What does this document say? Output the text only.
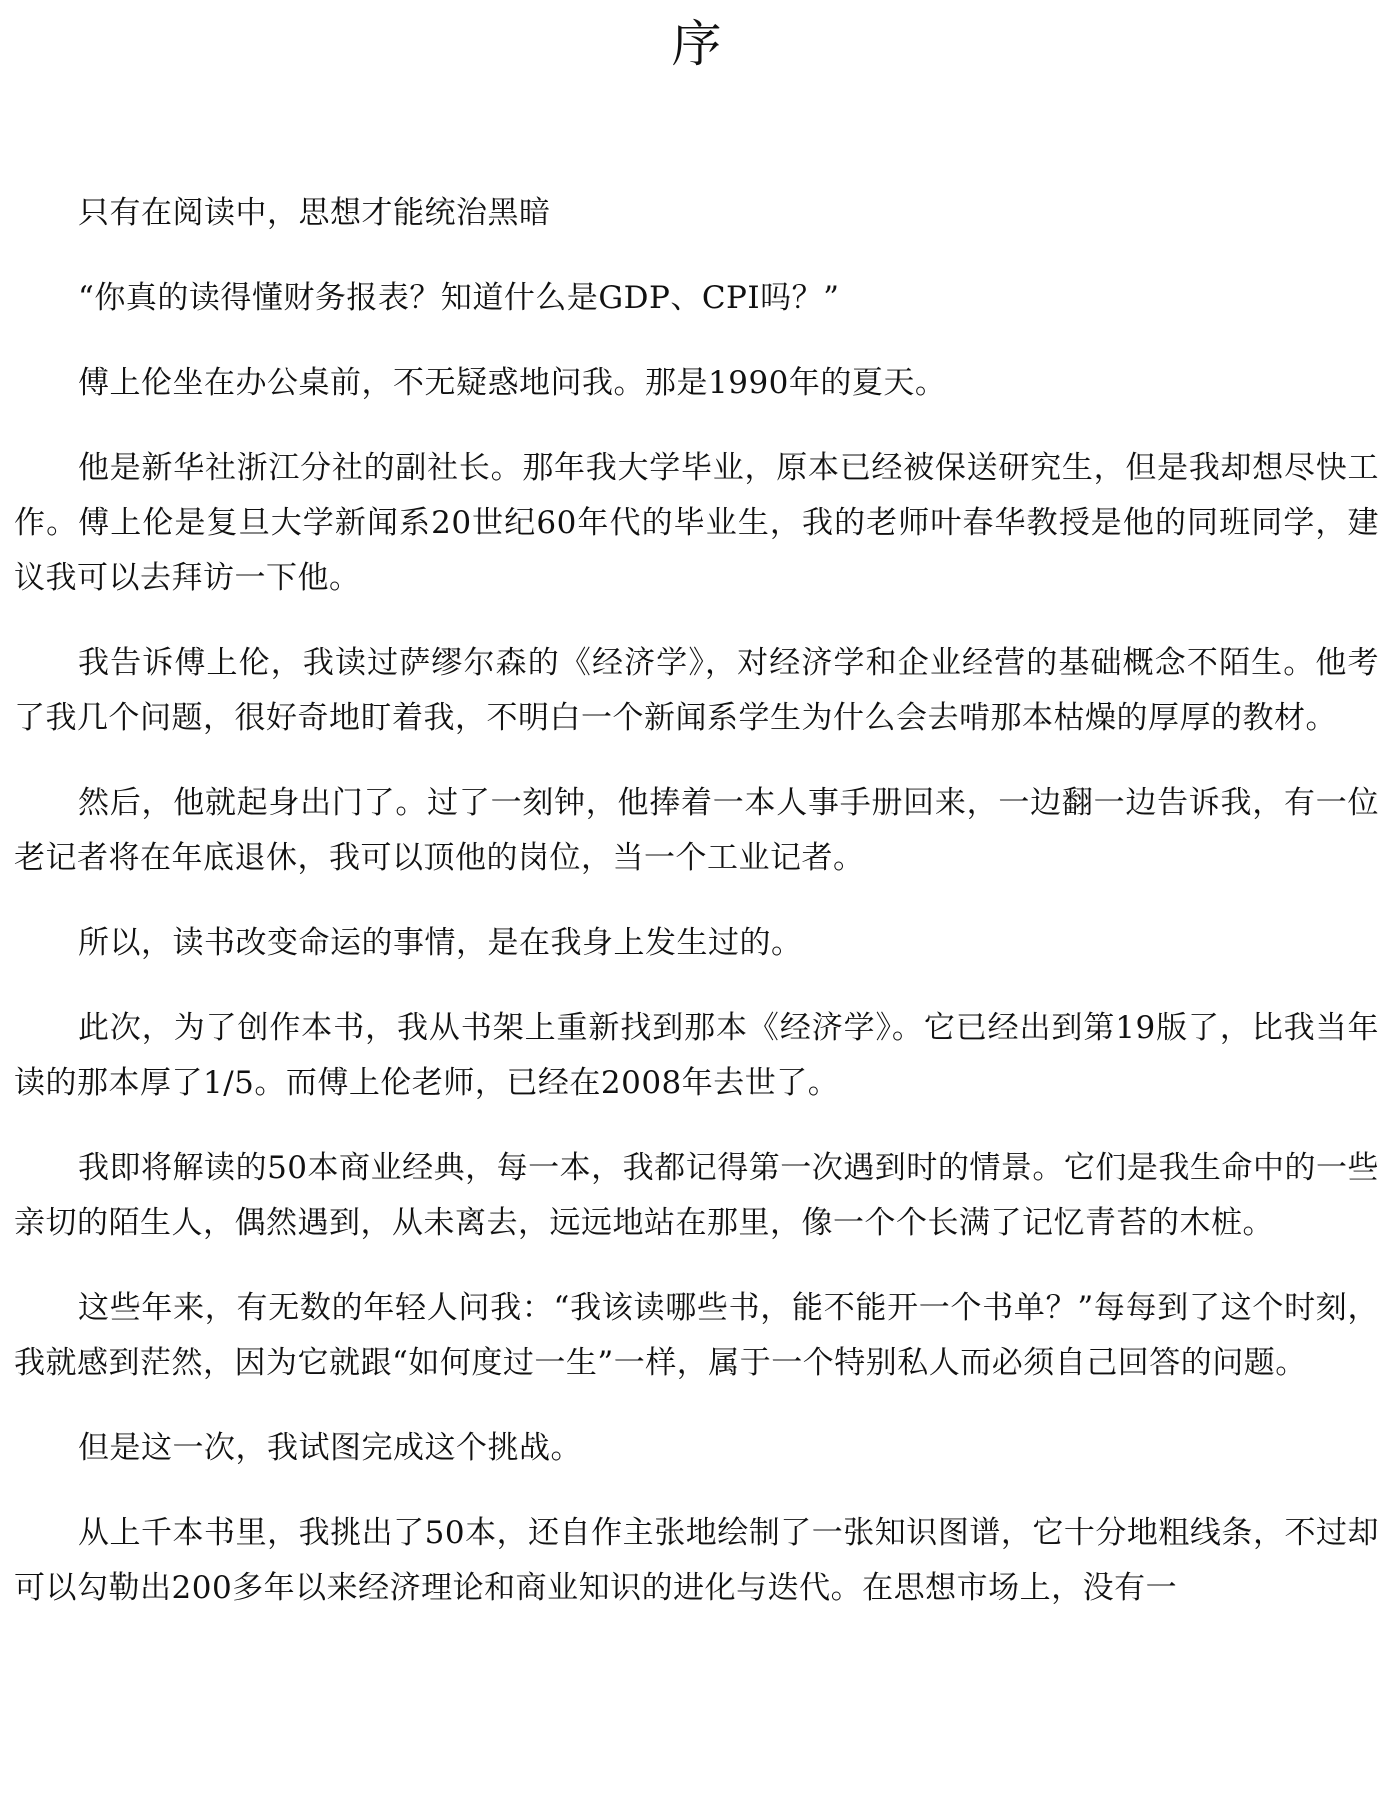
序

只有在阅读中，思想才能统治黑暗

“你真的读得懂财务报表？知道什么是GDP、CPI吗？”

傅上伦坐在办公桌前，不无疑惑地问我。那是1990年的夏天。

他是新华社浙江分社的副社长。那年我大学毕业，原本已经被保送研究生，但是我却想尽快工作。傅上伦是复旦大学新闻系20世纪60年代的毕业生，我的老师叶春华教授是他的同班同学，建议我可以去拜访一下他。

我告诉傅上伦，我读过萨缪尔森的《经济学》，对经济学和企业经营的基础概念不陌生。他考了我几个问题，很好奇地盯着我，不明白一个新闻系学生为什么会去啃那本枯燥的厚厚的教材。

然后，他就起身出门了。过了一刻钟，他捧着一本人事手册回来，一边翻一边告诉我，有一位老记者将在年底退休，我可以顶他的岗位，当一个工业记者。

所以，读书改变命运的事情，是在我身上发生过的。

此次，为了创作本书，我从书架上重新找到那本《经济学》。它已经出到第19版了，比我当年读的那本厚了1/5。而傅上伦老师，已经在2008年去世了。

我即将解读的50本商业经典，每一本，我都记得第一次遇到时的情景。它们是我生命中的一些亲切的陌生人，偶然遇到，从未离去，远远地站在那里，像一个个长满了记忆青苔的木桩。

这些年来，有无数的年轻人问我：“我该读哪些书，能不能开一个书单？”每每到了这个时刻，我就感到茫然，因为它就跟“如何度过一生”一样，属于一个特别私人而必须自己回答的问题。

但是这一次，我试图完成这个挑战。

从上千本书里，我挑出了50本，还自作主张地绘制了一张知识图谱，它十分地粗线条，不过却可以勾勒出200多年以来经济理论和商业知识的进化与迭代。在思想市场上，没有一
